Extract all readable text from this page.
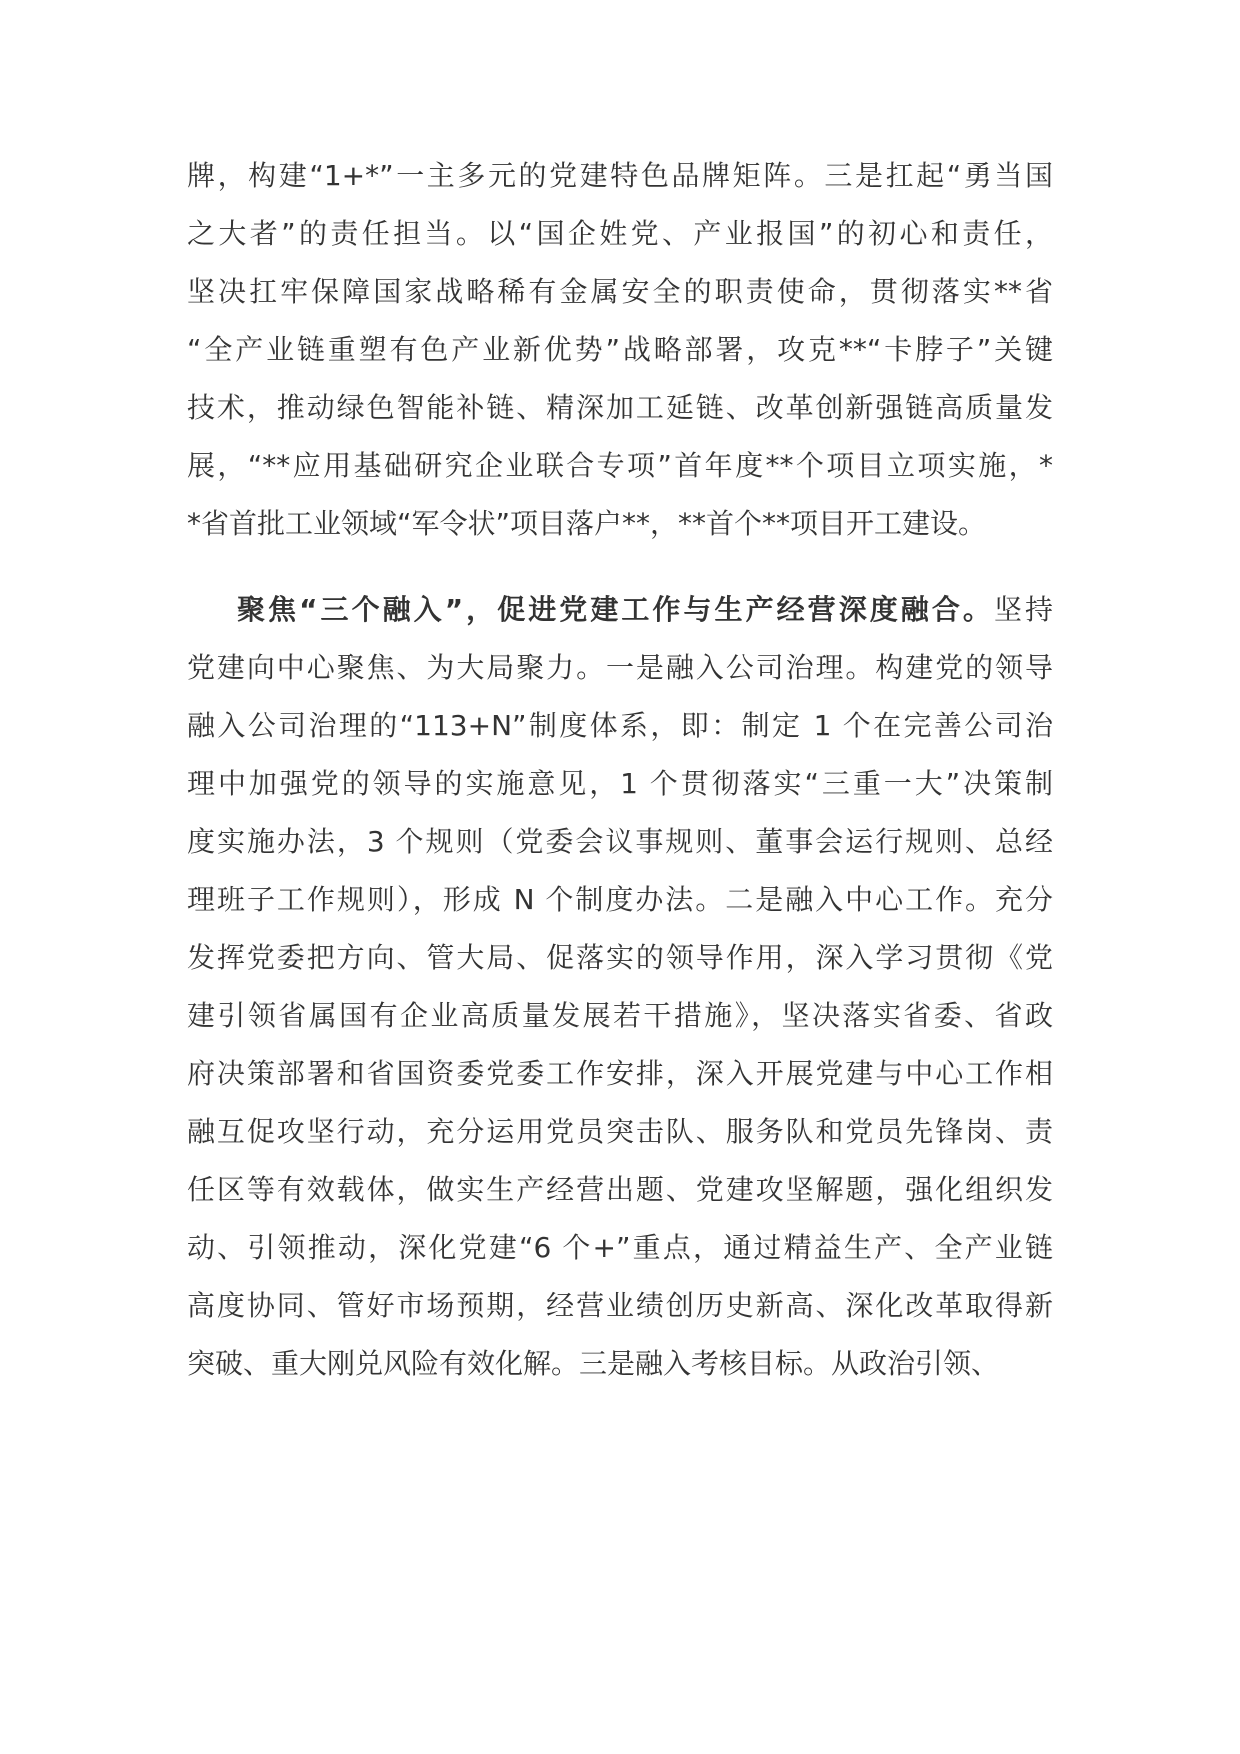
牌，构建“1+*”一主多元的党建特色品牌矩阵。三是扛起“勇当国
之大者”的责任担当。以“国企姓党、产业报国”的初心和责任，
坚决扛牢保障国家战略稀有金属安全的职责使命，贯彻落实**省
“全产业链重塑有色产业新优势”战略部署，攻克**“卡脖子”关键
技术，推动绿色智能补链、精深加工延链、改革创新强链高质量发
展，“**应用基础研究企业联合专项”首年度**个项目立项实施，*
*省首批工业领域“军令状”项目落户**，**首个**项目开工建设。
聚焦“三个融入”，促进党建工作与生产经营深度融合。坚持
党建向中心聚焦、为大局聚力。一是融入公司治理。构建党的领导
融入公司治理的“113+N”制度体系，即：制定 1 个在完善公司治
理中加强党的领导的实施意见，1 个贯彻落实“三重一大”决策制
度实施办法，3 个规则（党委会议事规则、董事会运行规则、总经
理班子工作规则），形成 N 个制度办法。二是融入中心工作。充分
发挥党委把方向、管大局、促落实的领导作用，深入学习贯彻《党
建引领省属国有企业高质量发展若干措施》，坚决落实省委、省政
府决策部署和省国资委党委工作安排，深入开展党建与中心工作相
融互促攻坚行动，充分运用党员突击队、服务队和党员先锋岗、责
任区等有效载体，做实生产经营出题、党建攻坚解题，强化组织发
动、引领推动，深化党建“6 个+”重点，通过精益生产、全产业链
高度协同、管好市场预期，经营业绩创历史新高、深化改革取得新
突破、重大刚兑风险有效化解。三是融入考核目标。从政治引领、
